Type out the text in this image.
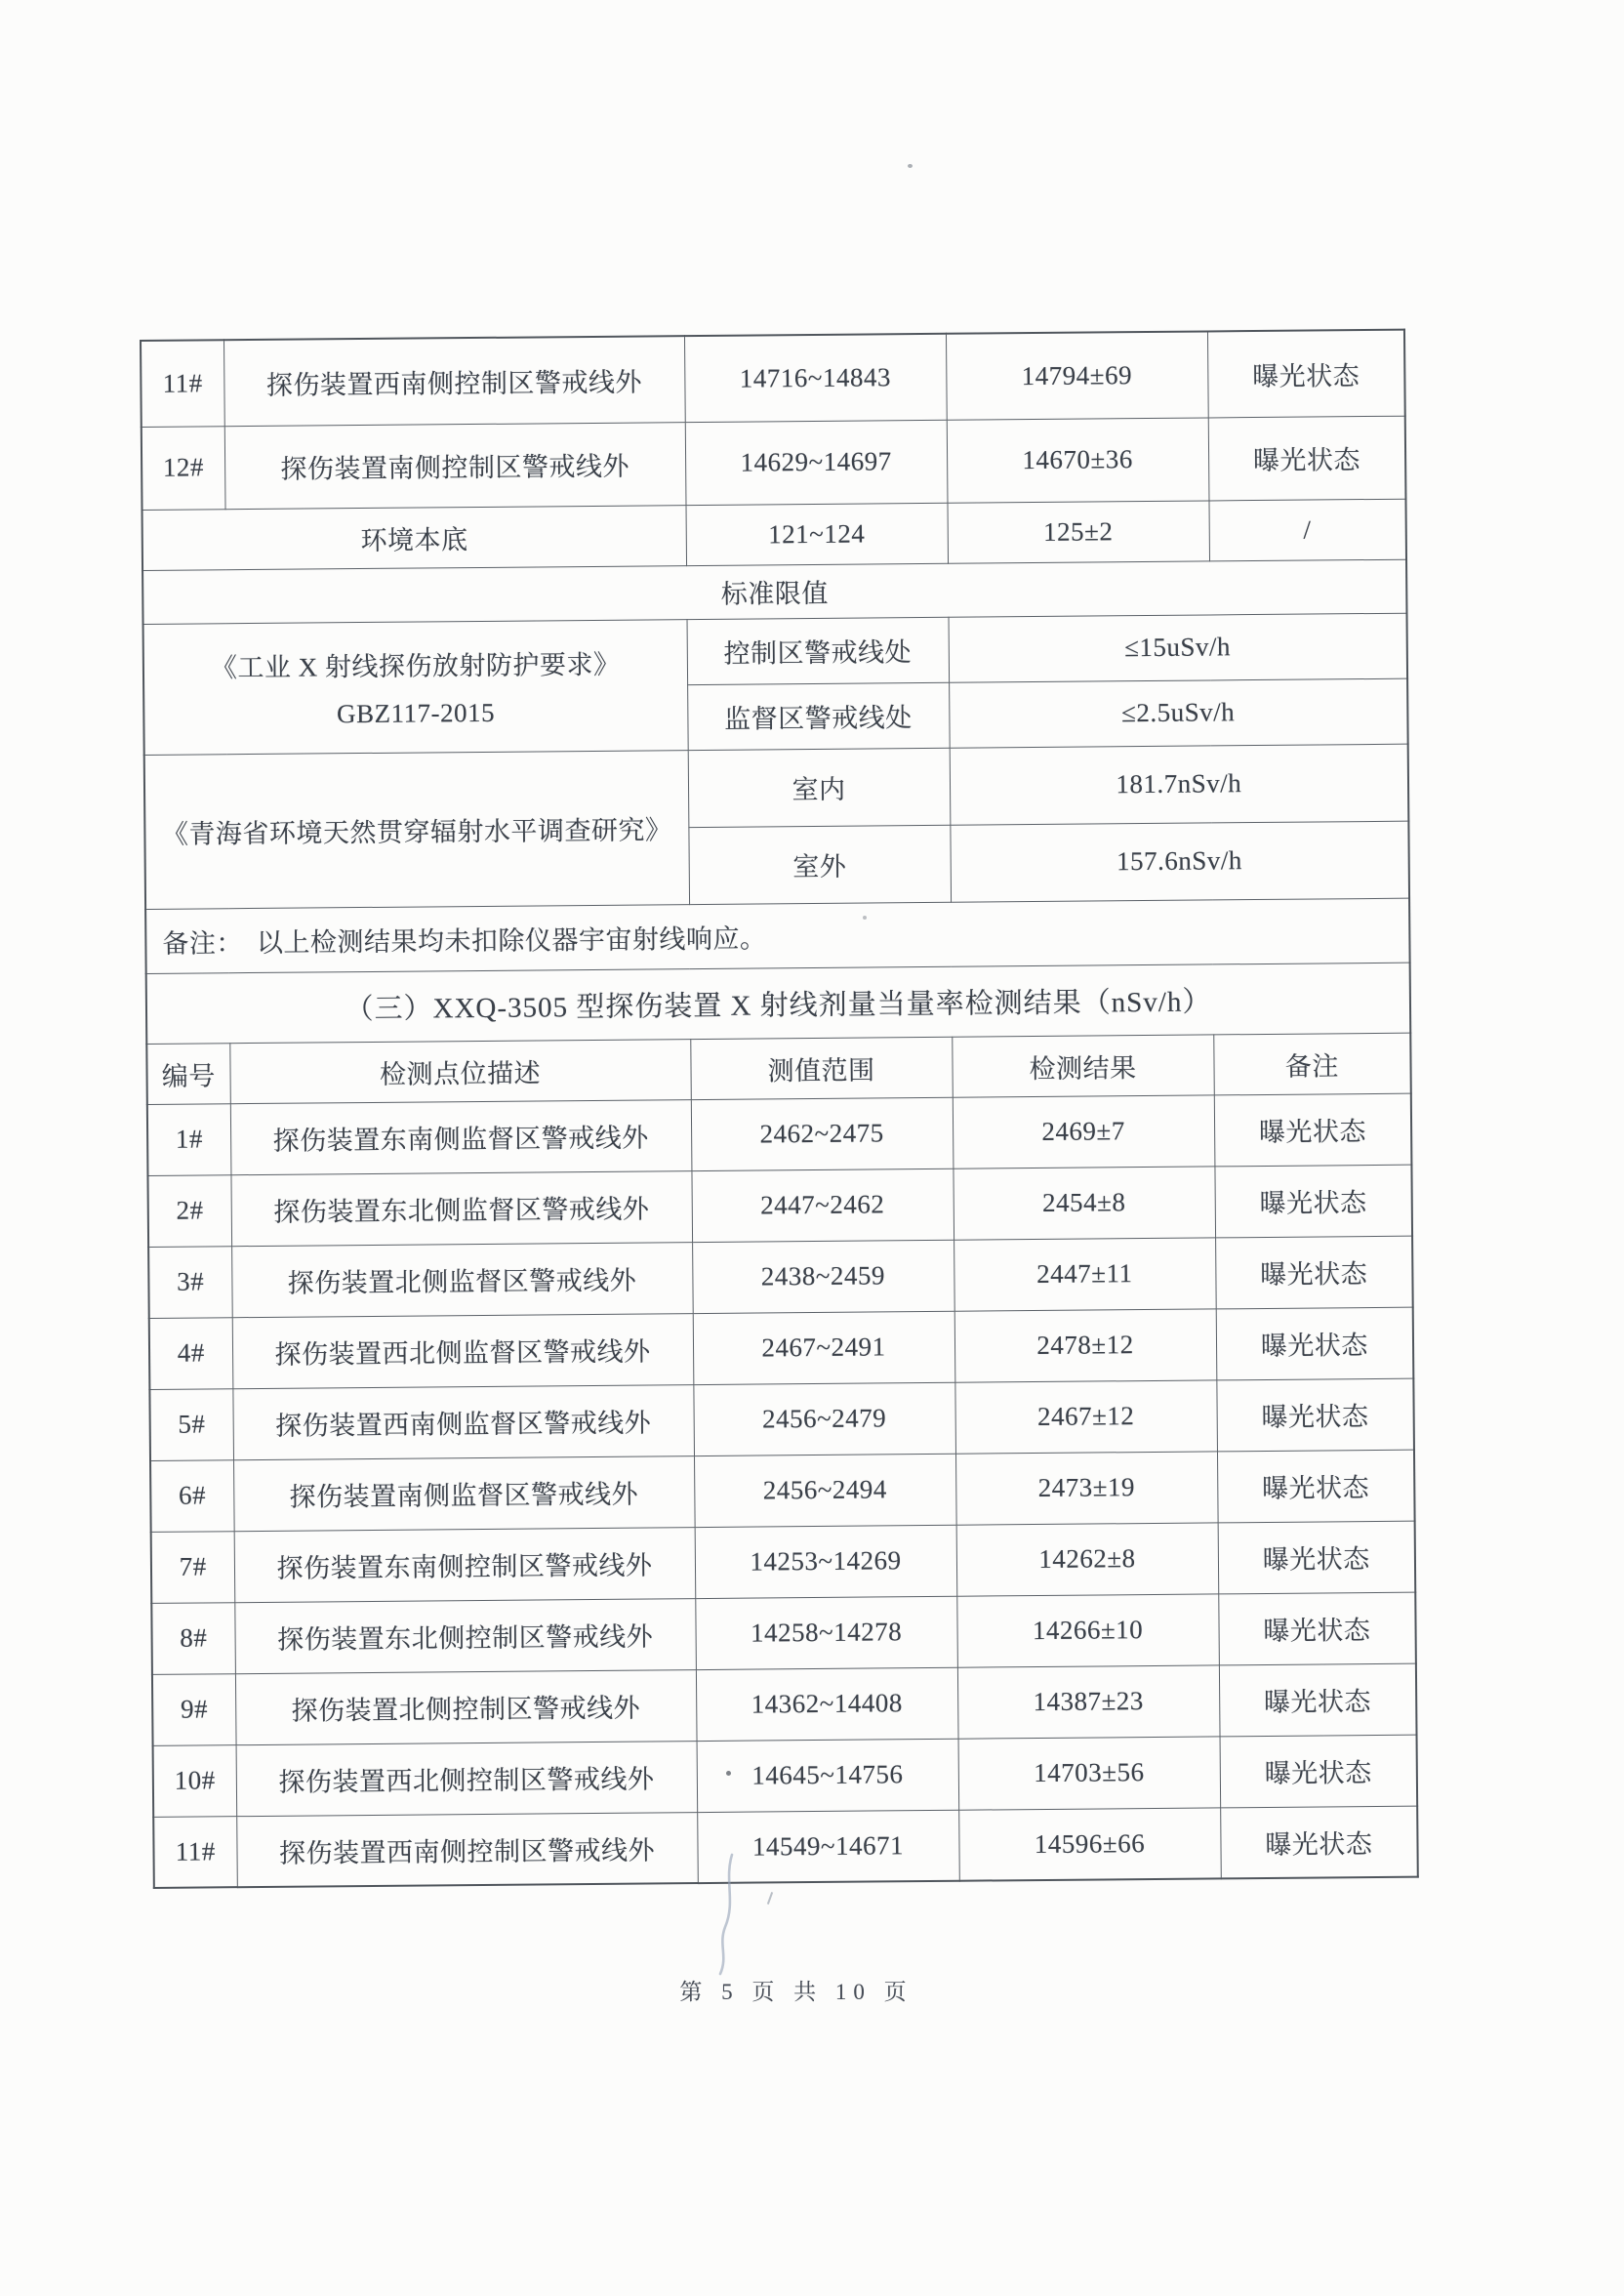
11#	探伤装置西南侧控制区警戒线外	14716~14843	14794±69	曝光状态
12#	探伤装置南侧控制区警戒线外	14629~14697	14670±36	曝光状态
环境本底		121~124	125±2	/
标准限值				

《工业 X 射线探伤放射防护要求》
GBZ117-2015		控制区警戒线处	≤15uSv/h	
		监督区警戒线处	≤2.5uSv/h	
《青海省环境天然贯穿辐射水平调查研究》		室内	181.7nSv/h	
		室外	157.6nSv/h	
备注： 以上检测结果均未扣除仪器宇宙射线响应。				
（三）XXQ-3505 型探伤装置 X 射线剂量当量率检测结果（nSv/h）				
编号	检测点位描述	测值范围	检测结果	备注
1#	探伤装置东南侧监督区警戒线外	2462~2475	2469±7	曝光状态
2#	探伤装置东北侧监督区警戒线外	2447~2462	2454±8	曝光状态
3#	探伤装置北侧监督区警戒线外	2438~2459	2447±11	曝光状态
4#	探伤装置西北侧监督区警戒线外	2467~2491	2478±12	曝光状态
5#	探伤装置西南侧监督区警戒线外	2456~2479	2467±12	曝光状态
6#	探伤装置南侧监督区警戒线外	2456~2494	2473±19	曝光状态
7#	探伤装置东南侧控制区警戒线外	14253~14269	14262±8	曝光状态
8#	探伤装置东北侧控制区警戒线外	14258~14278	14266±10	曝光状态
9#	探伤装置北侧控制区警戒线外	14362~14408	14387±23	曝光状态
10#	探伤装置西北侧控制区警戒线外	14645~14756	14703±56	曝光状态
11#	探伤装置西南侧控制区警戒线外	14549~14671	14596±66	曝光状态
第 5 页 共 10 页
